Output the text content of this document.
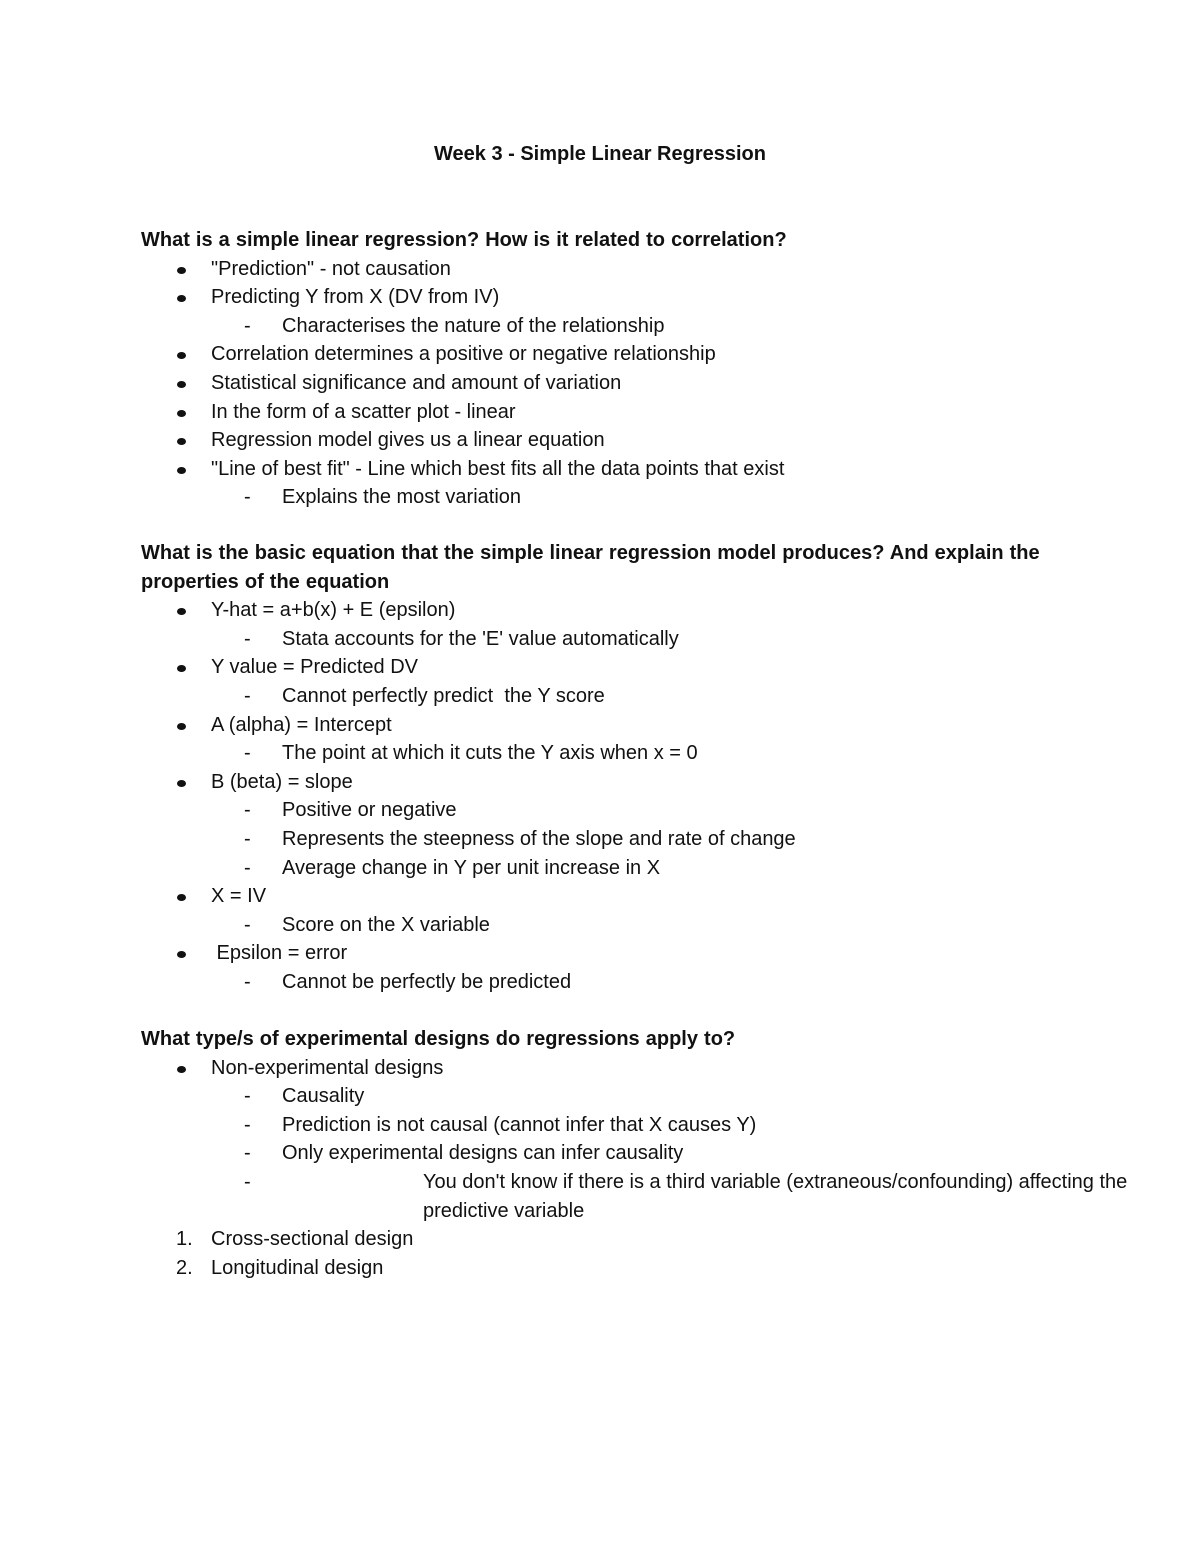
Week 3 - Simple Linear Regression

What is a simple linear regression? How is it related to correlation?

"Prediction" - not causation
Predicting Y from X (DV from IV)
- Characterises the nature of the relationship
Correlation determines a positive or negative relationship
Statistical significance and amount of variation
In the form of a scatter plot - linear
Regression model gives us a linear equation
"Line of best fit" - Line which best fits all the data points that exist
- Explains the most variation

What is the basic equation that the simple linear regression model produces? And explain the properties of the equation

Y-hat = a+b(x) + E (epsilon)
- Stata accounts for the 'E' value automatically
Y value = Predicted DV
- Cannot perfectly predict  the Y score
A (alpha) = Intercept
- The point at which it cuts the Y axis when x = 0
B (beta) = slope
- Positive or negative
- Represents the steepness of the slope and rate of change
- Average change in Y per unit increase in X
X = IV
- Score on the X variable
Epsilon = error
- Cannot be perfectly be predicted

What type/s of experimental designs do regressions apply to?

Non-experimental designs
- Causality
- Prediction is not causal (cannot infer that X causes Y)
- Only experimental designs can infer causality
-	You don't know if there is a third variable (extraneous/confounding) affecting the predictive variable
1. Cross-sectional design
2. Longitudinal design
